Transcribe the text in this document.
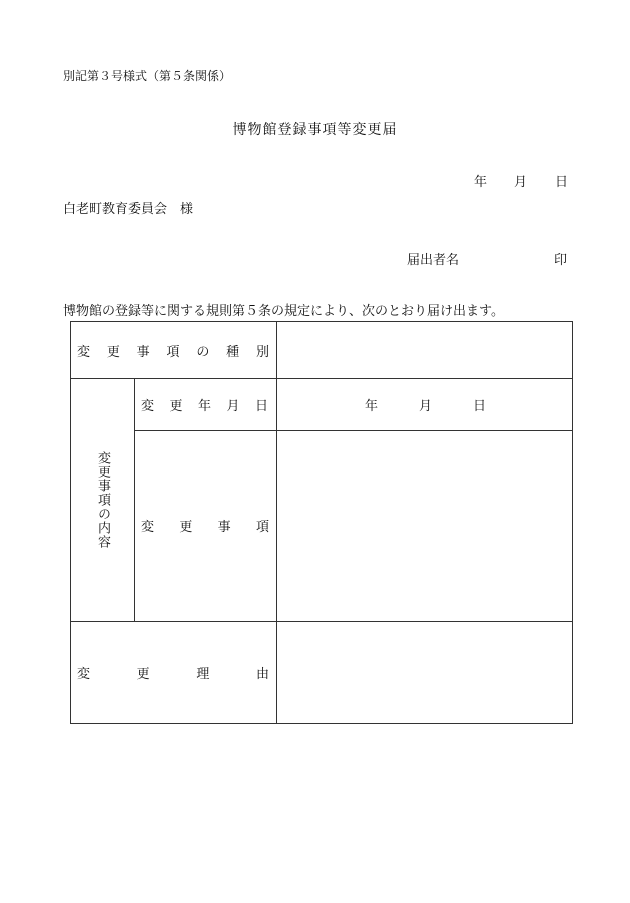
別記第３号様式（第５条関係）
博物館登録事項等変更届
年 月 日
白老町教育委員会　様
届出者名	印
博物館の登録等に関する規則第５条の規定により、次のとおり届け出ます。
変 更 事 項 の 種 別
変更事項の内容
変 更 年 月 日	年	月	日
変 更 事 項
変	更	理	由
